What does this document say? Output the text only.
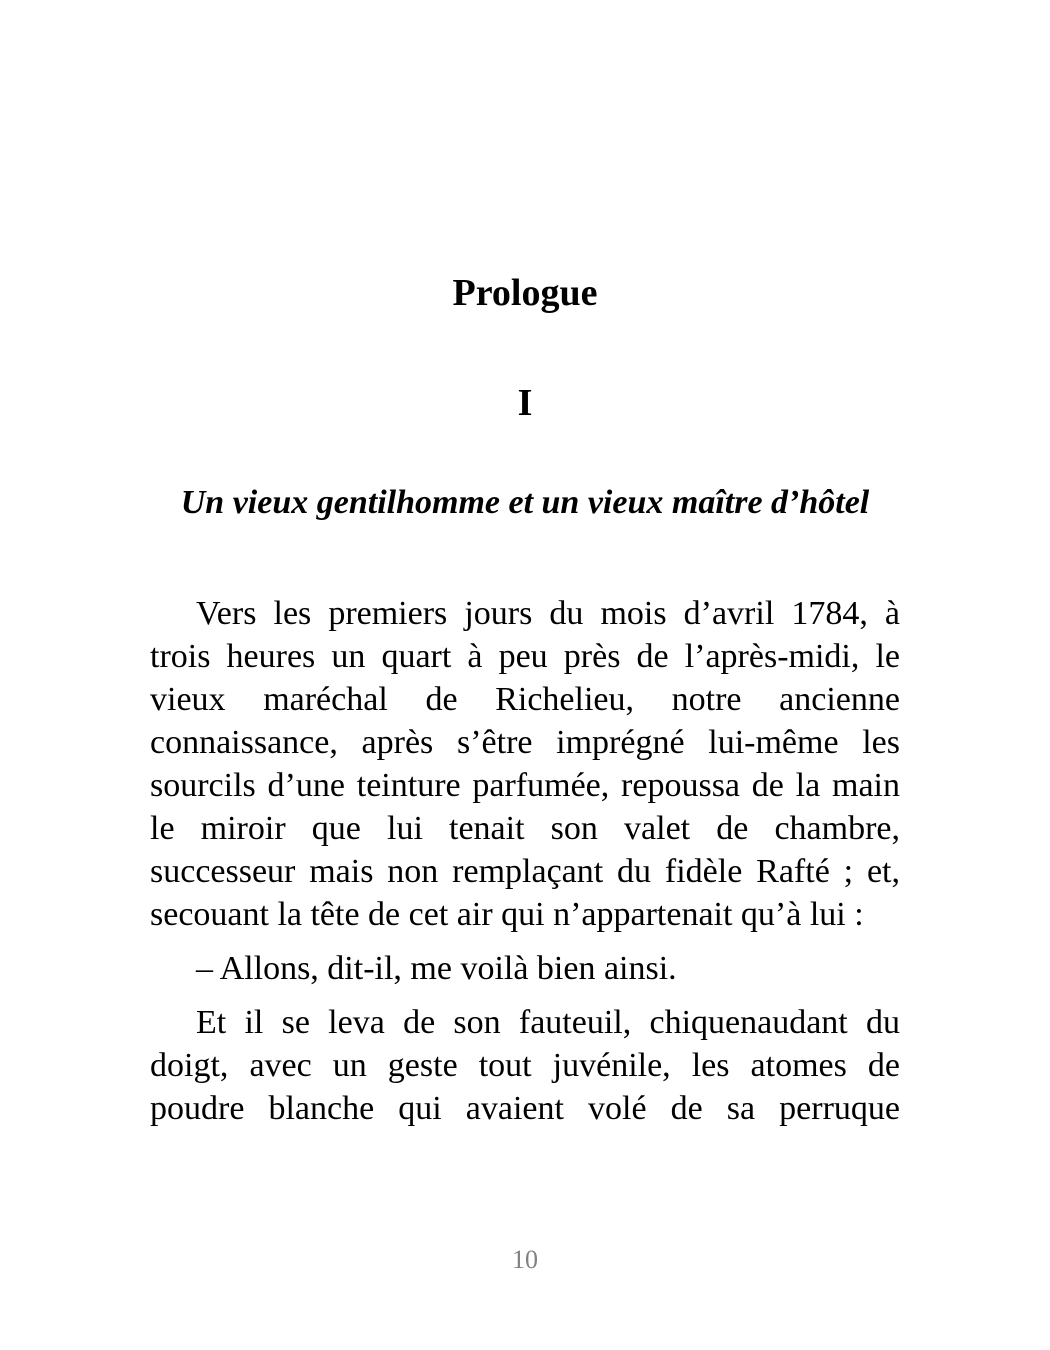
Prologue
I
Un vieux gentilhomme et un vieux maître d’hôtel

Vers les premiers jours du mois d’avril 1784, à trois heures un quart à peu près de l’après-midi, le vieux maréchal de Richelieu, notre ancienne connaissance, après s’être imprégné lui-même les sourcils d’une teinture parfumée, repoussa de la main le miroir que lui tenait son valet de chambre, successeur mais non remplaçant du fidèle Rafté ; et, secouant la tête de cet air qui n’appartenait qu’à lui :

– Allons, dit-il, me voilà bien ainsi.

Et il se leva de son fauteuil, chiquenaudant du doigt, avec un geste tout juvénile, les atomes de poudre blanche qui avaient volé de sa perruque

10
